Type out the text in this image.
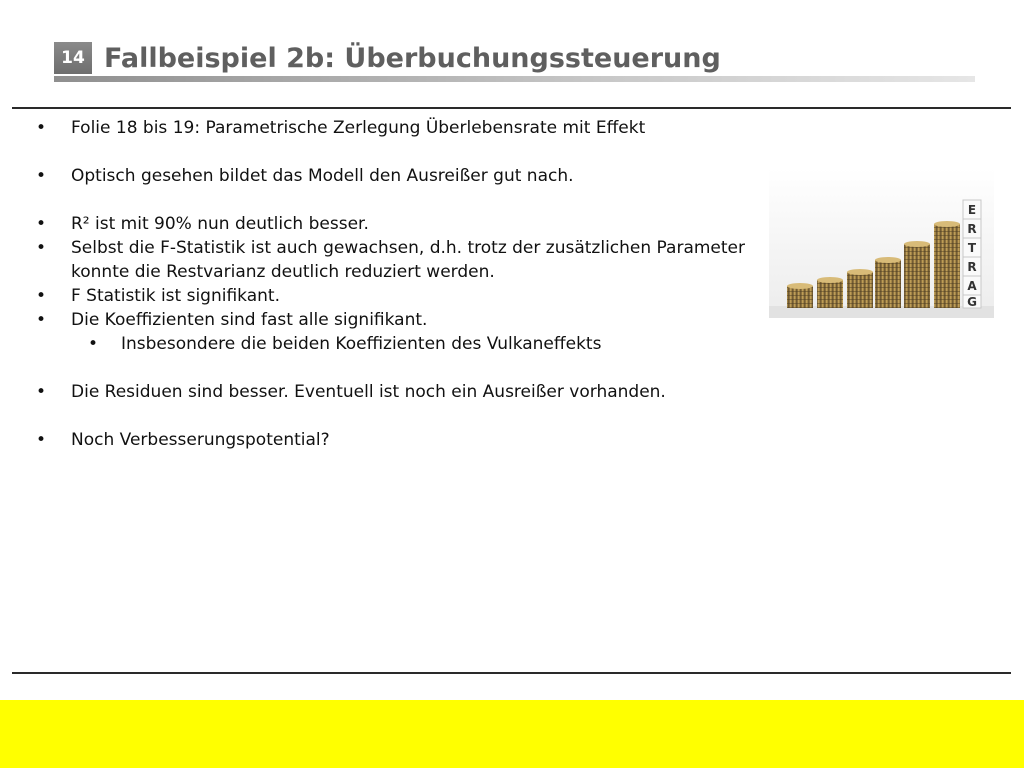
14 Fallbeispiel 2b: Überbuchungssteuerung
•	Folie 18 bis 19: Parametrische Zerlegung Überlebensrate mit Effekt
•	Optisch gesehen bildet das Modell den Ausreißer gut nach.
•	R² ist mit 90% nun deutlich besser.
•	Selbst die F-Statistik ist auch gewachsen, d.h. trotz der zusätzlichen Parameter konnte die Restvarianz deutlich reduziert werden.
•	F Statistik ist signifikant.
•	Die Koeffizienten sind fast alle signifikant.
•	Insbesondere die beiden Koeffizienten des Vulkaneffekts
•	Die Residuen sind besser. Eventuell ist noch ein Ausreißer vorhanden.
•	Noch Verbesserungspotential?
E
R
T
R
A
G
